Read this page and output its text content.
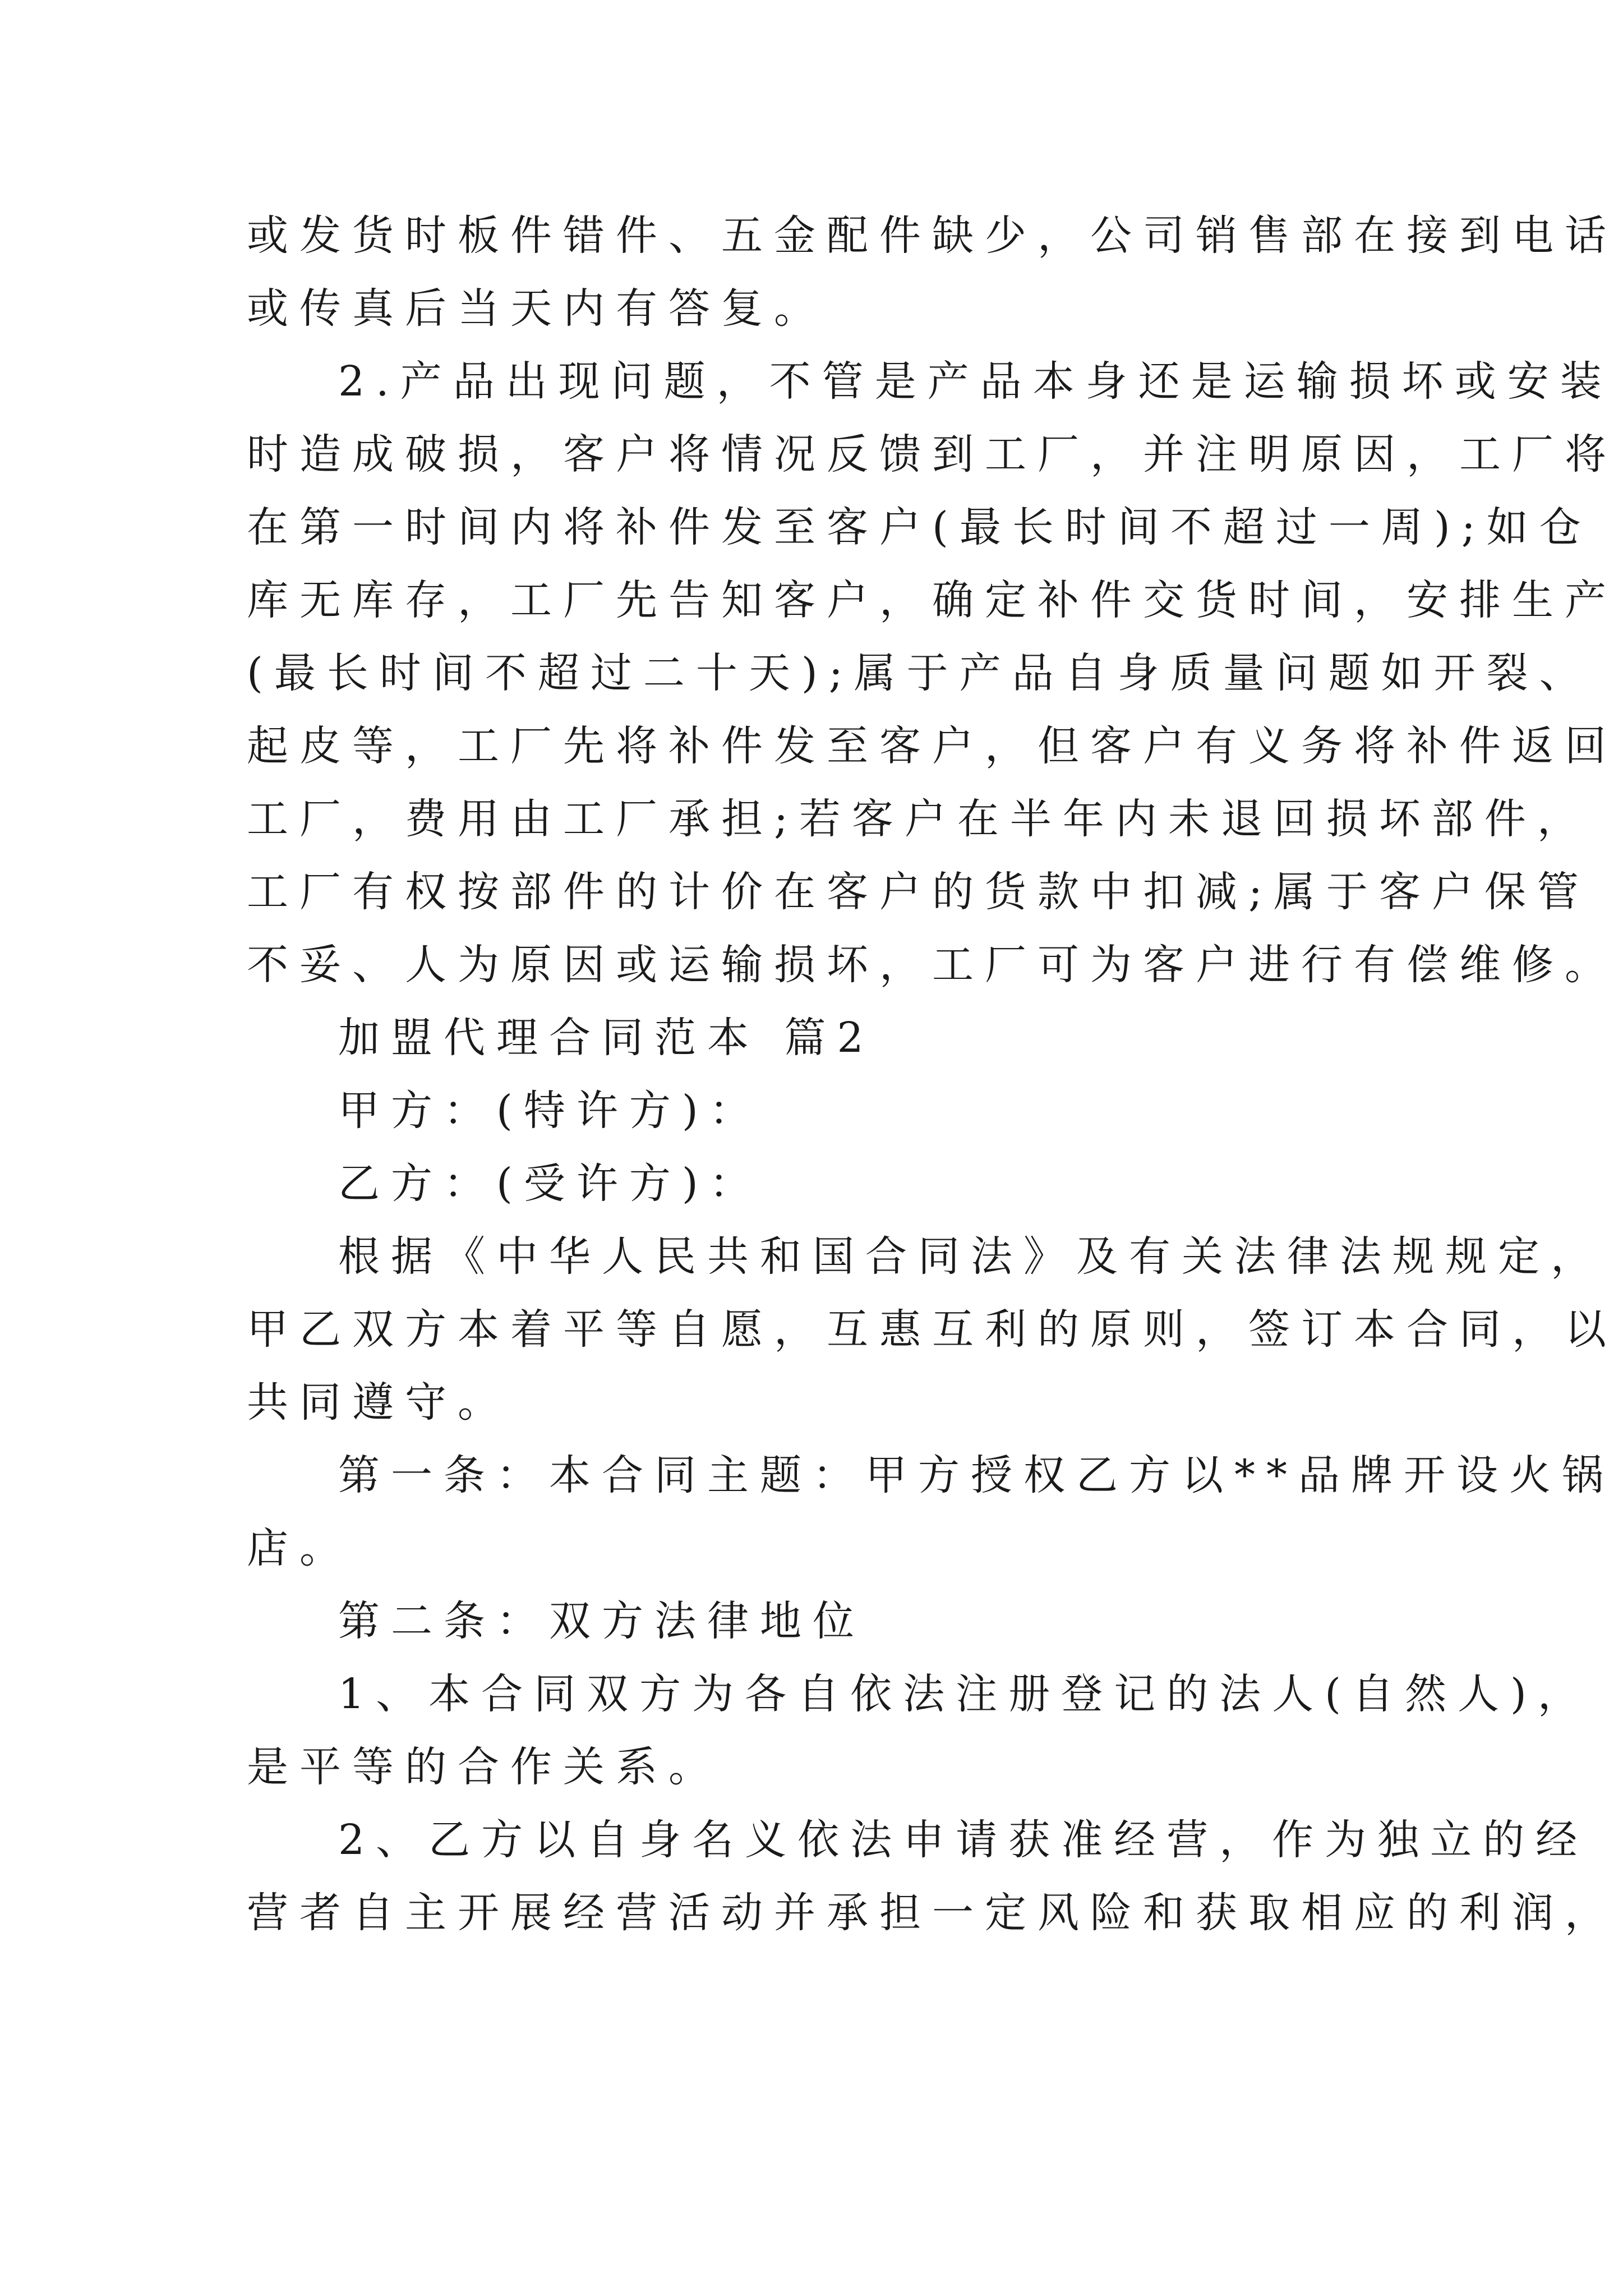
或发货时板件错件、五金配件缺少，公司销售部在接到电话
或传真后当天内有答复。
2.产品出现问题，不管是产品本身还是运输损坏或安装
时造成破损，客户将情况反馈到工厂，并注明原因，工厂将
在第一时间内将补件发至客户(最长时间不超过一周);如仓
库无库存，工厂先告知客户，确定补件交货时间，安排生产
(最长时间不超过二十天);属于产品自身质量问题如开裂、
起皮等，工厂先将补件发至客户，但客户有义务将补件返回
工厂，费用由工厂承担;若客户在半年内未退回损坏部件，
工厂有权按部件的计价在客户的货款中扣减;属于客户保管
不妥、人为原因或运输损坏，工厂可为客户进行有偿维修。
加盟代理合同范本 篇2
甲方：(特许方)：
乙方：(受许方)：
根据《中华人民共和国合同法》及有关法律法规规定，
甲乙双方本着平等自愿，互惠互利的原则，签订本合同，以
共同遵守。
第一条：本合同主题：甲方授权乙方以**品牌开设火锅
店。
第二条：双方法律地位
1、本合同双方为各自依法注册登记的法人(自然人)，
是平等的合作关系。
2、乙方以自身名义依法申请获准经营，作为独立的经
营者自主开展经营活动并承担一定风险和获取相应的利润，
